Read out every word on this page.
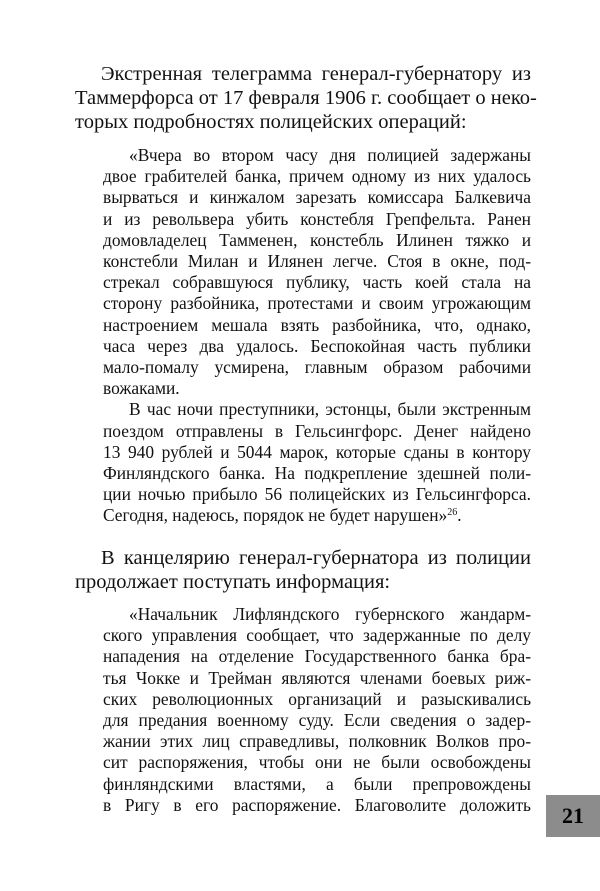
Экстренная телеграмма генерал-губернатору из
Таммерфорса от 17 февраля 1906 г. сообщает о неко-
торых подробностях полицейских операций:
«Вчера во втором часу дня полицией задержаны
двое грабителей банка, причем одному из них удалось
вырваться и кинжалом зарезать комиссара Балкевича
и из револьвера убить констебля Грепфельта. Ранен
домовладелец Тамменен, констебль Илинен тяжко и
констебли Милан и Илянен легче. Стоя в окне, под-
стрекал собравшуюся публику, часть коей стала на
сторону разбойника, протестами и своим угрожающим
настроением мешала взять разбойника, что, однако,
часа через два удалось. Беспокойная часть публики
мало-помалу усмирена, главным образом рабочими
вожаками.
В час ночи преступники, эстонцы, были экстренным
поездом отправлены в Гельсингфорс. Денег найдено
13 940 рублей и 5044 марок, которые сданы в контору
Финляндского банка. На подкрепление здешней поли-
ции ночью прибыло 56 полицейских из Гельсингфорса.
Сегодня, надеюсь, порядок не будет нарушен»$^{26}$.
В канцелярию генерал-губернатора из полиции
продолжает поступать информация:
«Начальник Лифляндского губернского жандарм-
ского управления сообщает, что задержанные по делу
нападения на отделение Государственного банка бра-
тья Чокке и Трейман являются членами боевых риж-
ских революционных организаций и разыскивались
для предания военному суду. Если сведения о задер-
жании этих лиц справедливы, полковник Волков про-
сит распоряжения, чтобы они не были освобождены
финляндскими властями, а были препровождены
в Ригу в его распоряжение. Благоволите доложить	21
